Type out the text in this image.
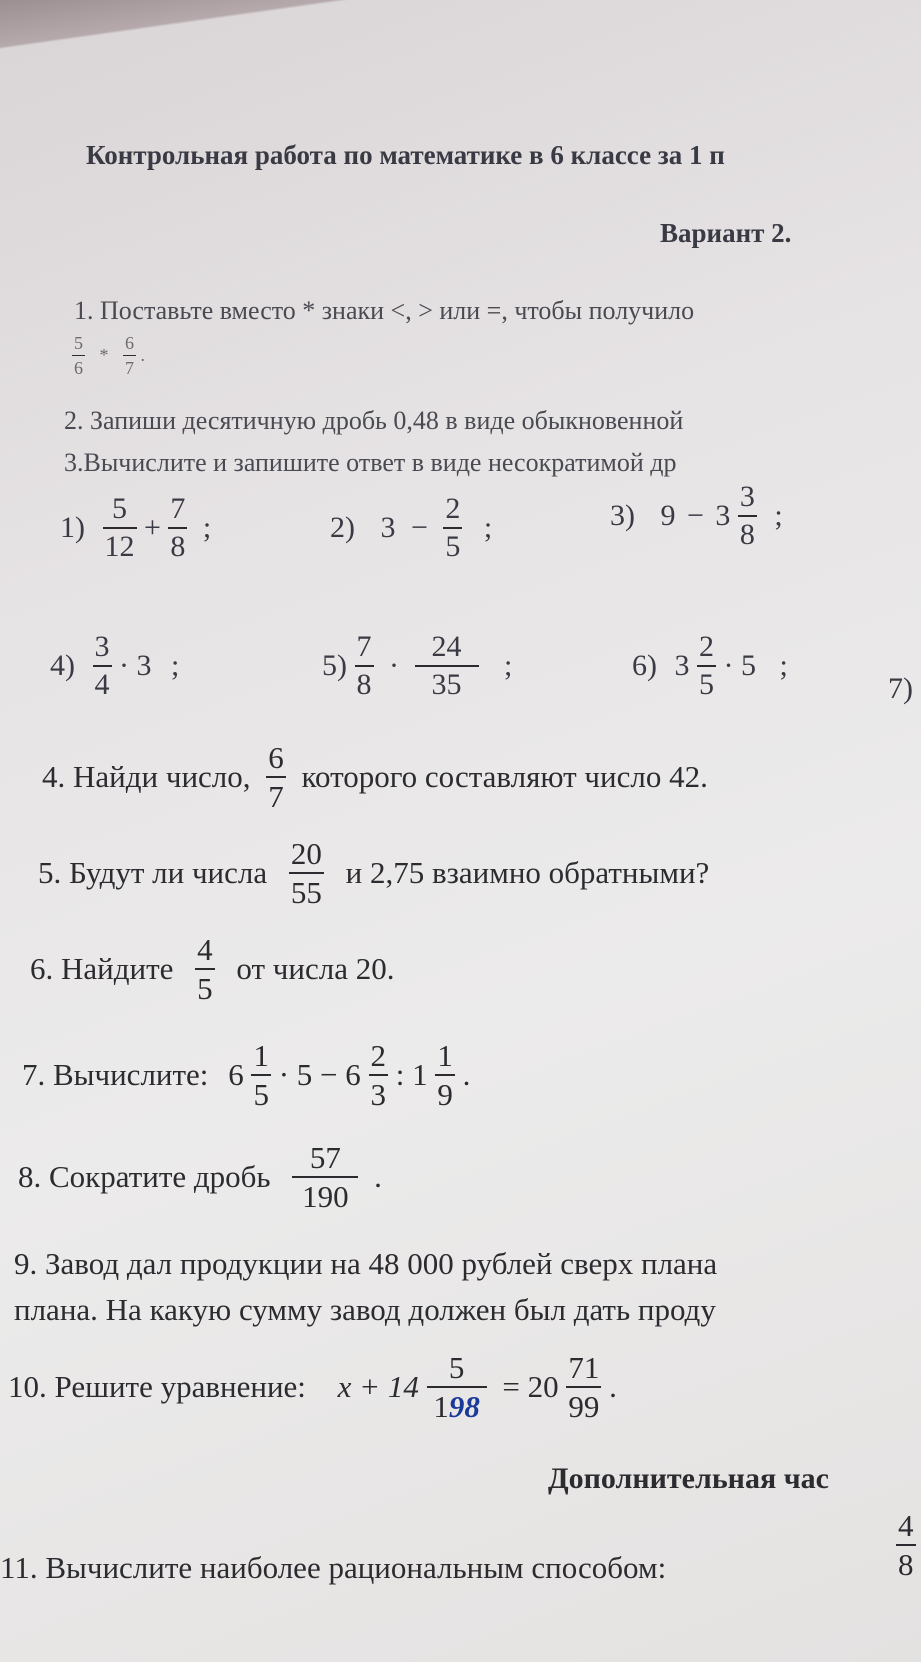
Контрольная работа по математике в 6 классе за 1 п
Вариант 2.
1. Поставьте вместо * знаки <, > или =, чтобы получило
$\frac{5}{6} * \frac{6}{7}$ .
2. Запиши десятичную дробь 0,48 в виде обыкновенной
3.Вычислите и запишите ответ в виде несократимой др
$1) \frac{5}{12} + \frac{7}{8}$ ;	2) $3 - \frac{2}{5}$ ;	3) $9 - 3 \frac{3}{8}$ ;
$4) \frac{3}{4} \cdot 3$ ;	$5) \frac{7}{8} \cdot \frac{24}{35}$ ;	6) $3 \frac{2}{5} \cdot 5$ ;
7)
4. Найди число, $\frac{6}{7}$ которого составляют число 42.
5. Будут ли числа $\frac{20}{55}$ и 2,75 взаимно обратными?
6. Найдите $\frac{4}{5}$ от числа 20.
7. Вычислите: $6 \frac{1}{5} \cdot 5 - 6 \frac{2}{3}$ : $1 \frac{1}{9}$ .
8. Сократите дробь $\frac{57}{190}$ .
9. Завод дал продукции на 48 000 рублей сверх плана
плана. На какую сумму завод должен был дать проду
10. Решите уравнение: $x + 14 \frac{5}{198} = 20 \frac{71}{99}$ .
Дополнительная час
11. Вычислите наиболее рациональным способом:	$\frac{4}{8}$
